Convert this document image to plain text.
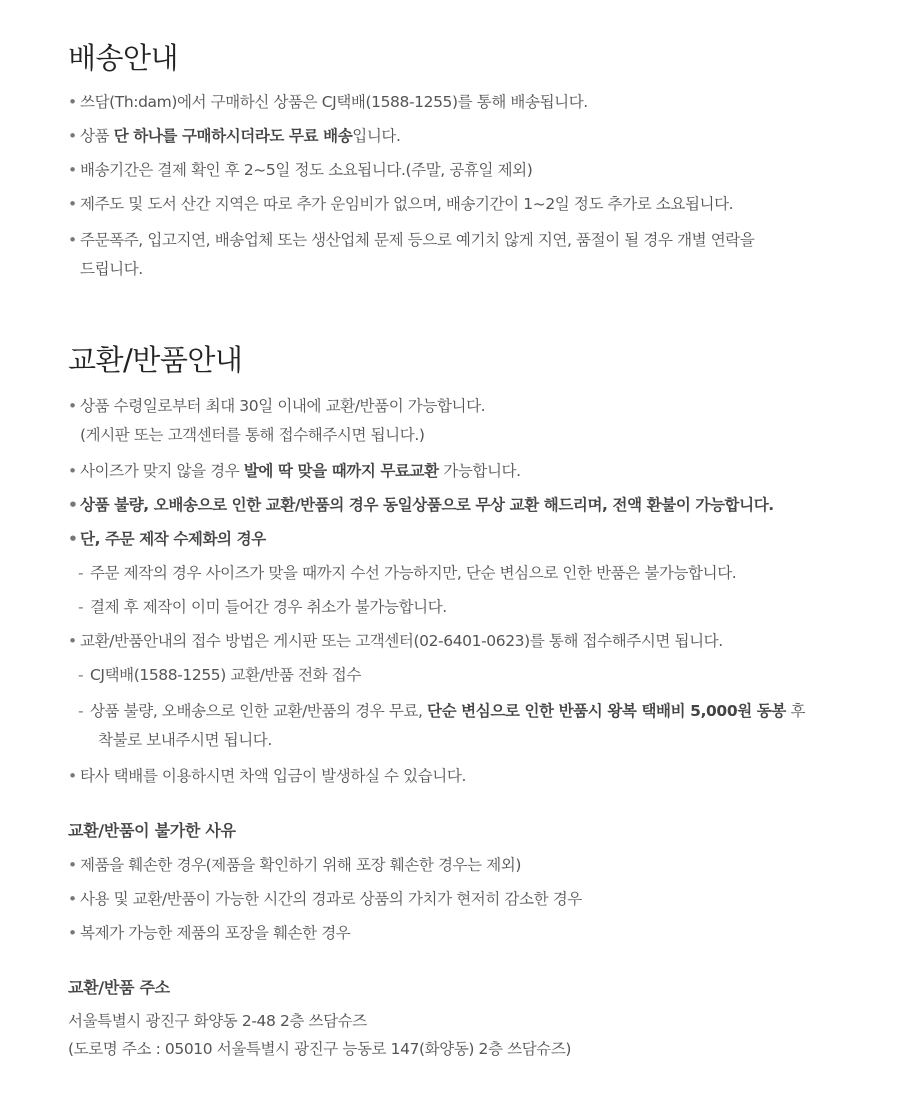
배송안내
• 쓰담(Th:dam)에서 구매하신 상품은 CJ택배(1588-1255)를 통해 배송됩니다.
• 상품 단 하나를 구매하시더라도 무료 배송입니다.
• 배송기간은 결제 확인 후 2~5일 정도 소요됩니다.(주말, 공휴일 제외)
• 제주도 및 도서 산간 지역은 따로 추가 운임비가 없으며, 배송기간이 1~2일 정도 추가로 소요됩니다.
• 주문폭주, 입고지연, 배송업체 또는 생산업체 문제 등으로 예기치 않게 지연, 품절이 될 경우 개별 연락을
드립니다.
교환/반품안내
• 상품 수령일로부터 최대 30일 이내에 교환/반품이 가능합니다.
(게시판 또는 고객센터를 통해 접수해주시면 됩니다.)
• 사이즈가 맞지 않을 경우 발에 딱 맞을 때까지 무료교환 가능합니다.
• 상품 불량, 오배송으로 인한 교환/반품의 경우 동일상품으로 무상 교환 해드리며, 전액 환불이 가능합니다.
• 단, 주문 제작 수제화의 경우
- 주문 제작의 경우 사이즈가 맞을 때까지 수선 가능하지만, 단순 변심으로 인한 반품은 불가능합니다.
- 결제 후 제작이 이미 들어간 경우 취소가 불가능합니다.
• 교환/반품안내의 접수 방법은 게시판 또는 고객센터(02-6401-0623)를 통해 접수해주시면 됩니다.
- CJ택배(1588-1255) 교환/반품 전화 접수
- 상품 불량, 오배송으로 인한 교환/반품의 경우 무료, 단순 변심으로 인한 반품시 왕복 택배비 5,000원 동봉 후
착불로 보내주시면 됩니다.
• 타사 택배를 이용하시면 차액 입금이 발생하실 수 있습니다.
교환/반품이 불가한 사유
• 제품을 훼손한 경우(제품을 확인하기 위해 포장 훼손한 경우는 제외)
• 사용 및 교환/반품이 가능한 시간의 경과로 상품의 가치가 현저히 감소한 경우
• 복제가 가능한 제품의 포장을 훼손한 경우
교환/반품 주소
서울특별시 광진구 화양동 2-48 2층 쓰담슈즈
(도로명 주소 : 05010 서울특별시 광진구 능동로 147(화양동) 2층 쓰담슈즈)
